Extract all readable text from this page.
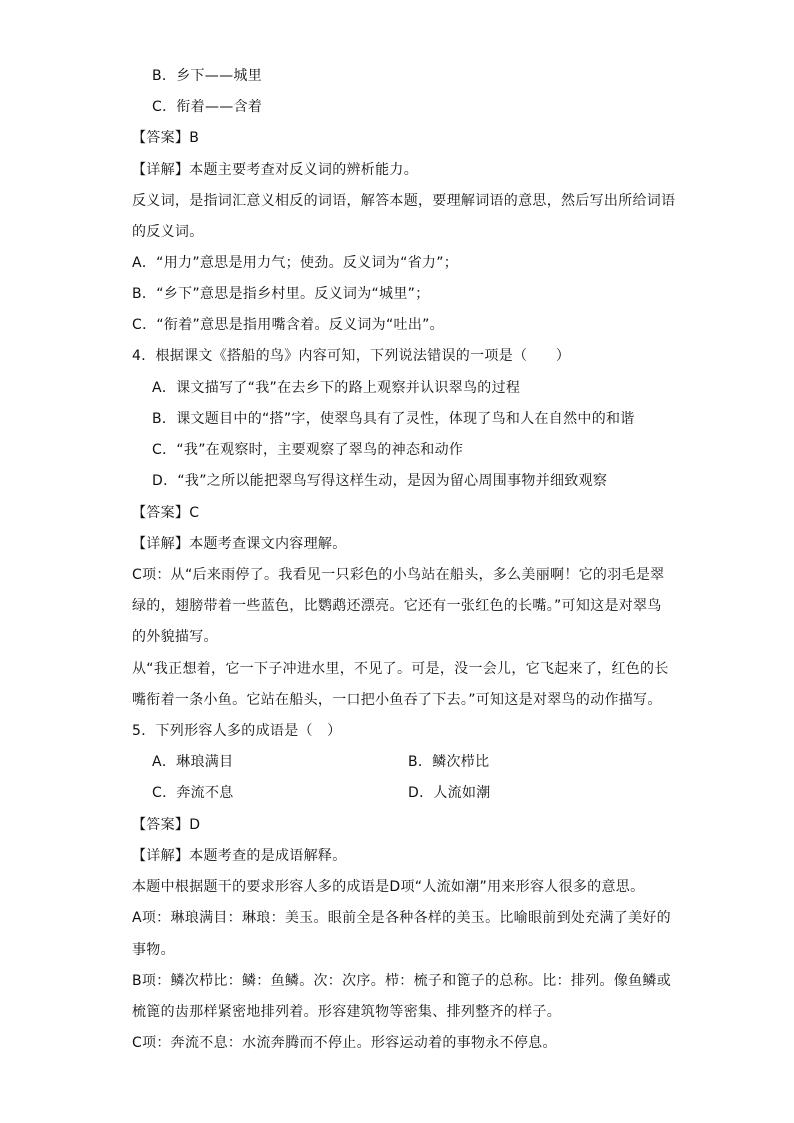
B．乡下——城里
C．衔着——含着
【答案】B
【详解】本题主要考查对反义词的辨析能力。
反义词，是指词汇意义相反的词语，解答本题，要理解词语的意思，然后写出所给词语
的反义词。
A．“用力”意思是用力气；使劲。反义词为“省力”；
B．“乡下”意思是指乡村里。反义词为“城里”；
C．“衔着”意思是指用嘴含着。反义词为“吐出”。
4．根据课文《搭船的鸟》内容可知，下列说法错误的一项是（　　）
A．课文描写了“我”在去乡下的路上观察并认识翠鸟的过程
B．课文题目中的“搭”字，使翠鸟具有了灵性，体现了鸟和人在自然中的和谐
C．“我”在观察时，主要观察了翠鸟的神态和动作
D．“我”之所以能把翠鸟写得这样生动，是因为留心周围事物并细致观察
【答案】C
【详解】本题考查课文内容理解。
C项：从“后来雨停了。我看见一只彩色的小鸟站在船头，多么美丽啊！它的羽毛是翠
绿的，翅膀带着一些蓝色，比鹦鹉还漂亮。它还有一张红色的长嘴。”可知这是对翠鸟
的外貌描写。
从“我正想着，它一下子冲进水里，不见了。可是，没一会儿，它飞起来了，红色的长
嘴衔着一条小鱼。它站在船头，一口把小鱼吞了下去。”可知这是对翠鸟的动作描写。
5．下列形容人多的成语是（　）
A．琳琅满目	B．鳞次栉比
C．奔流不息	D．人流如潮
【答案】D
【详解】本题考查的是成语解释。
本题中根据题干的要求形容人多的成语是D项“人流如潮”用来形容人很多的意思。
A项：琳琅满目：琳琅：美玉。眼前全是各种各样的美玉。比喻眼前到处充满了美好的
事物。
B项：鳞次栉比：鳞：鱼鳞。次：次序。栉：梳子和篦子的总称。比：排列。像鱼鳞或
梳篦的齿那样紧密地排列着。形容建筑物等密集、排列整齐的样子。
C项：奔流不息：水流奔腾而不停止。形容运动着的事物永不停息。
